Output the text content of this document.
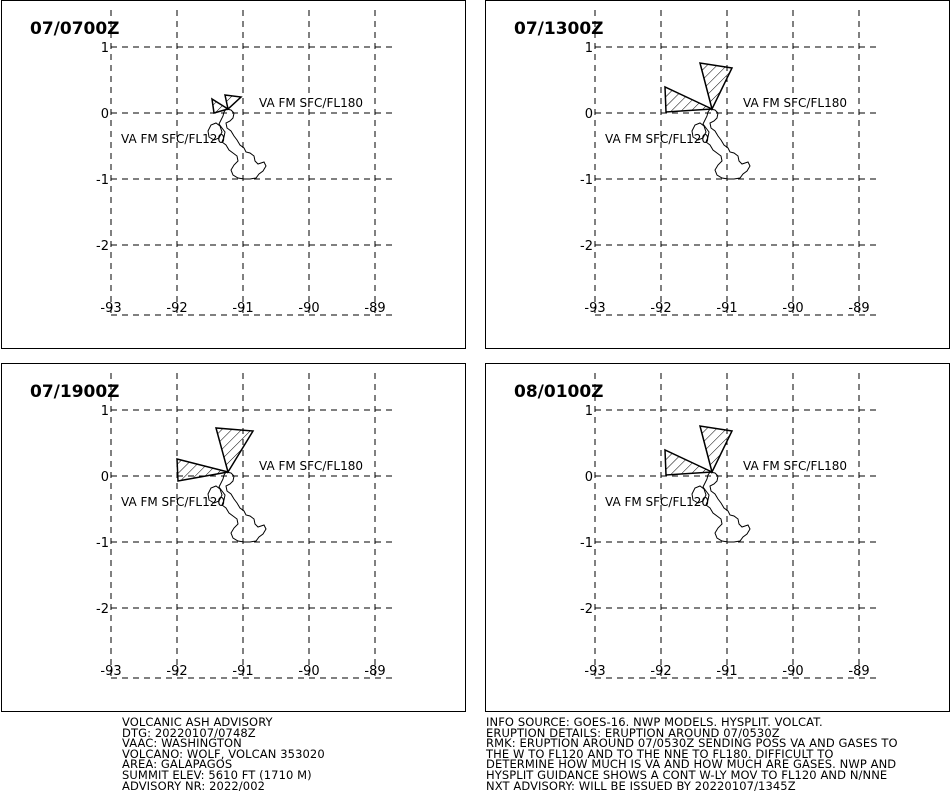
-93	-92	-91	-90	-89
1
0
-1
-2
07/0700Z
VA FM SFC/FL180
VA FM SFC/FL120
-93	-92	-91	-90	-89
1
0
-1
-2
07/1300Z
VA FM SFC/FL180
VA FM SFC/FL120
-93	-92	-91	-90	-89
1
0
-1
-2
07/1900Z
VA FM SFC/FL180
VA FM SFC/FL120
-93	-92	-91	-90	-89
1
0
-1
-2
08/0100Z
VA FM SFC/FL180
VA FM SFC/FL120
VOLCANIC ASH ADVISORY
DTG: 20220107/0748Z
VAAC: WASHINGTON
VOLCANO: WOLF, VOLCAN 353020
AREA: GALAPAGOS
SUMMIT ELEV: 5610 FT (1710 M)
ADVISORY NR: 2022/002
INFO SOURCE: GOES-16. NWP MODELS. HYSPLIT. VOLCAT.
ERUPTION DETAILS: ERUPTION AROUND 07/0530Z
RMK: ERUPTION AROUND 07/0530Z SENDING POSS VA AND GASES TO
THE W TO FL120 AND TO THE NNE TO FL180. DIFFICULT TO
DETERMINE HOW MUCH IS VA AND HOW MUCH ARE GASES. NWP AND
HYSPLIT GUIDANCE SHOWS A CONT W-LY MOV TO FL120 AND N/NNE
NXT ADVISORY: WILL BE ISSUED BY 20220107/1345Z
